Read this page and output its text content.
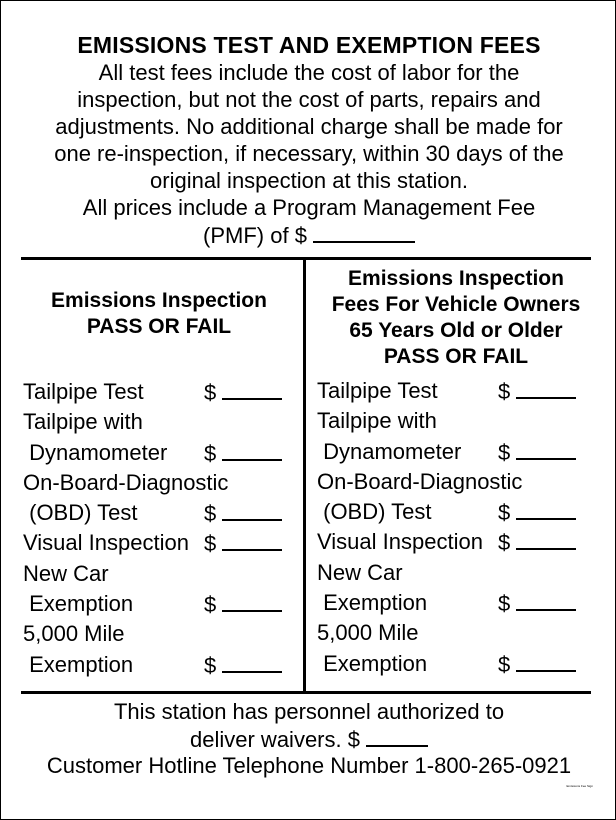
EMISSIONS TEST AND EXEMPTION FEES
All test fees include the cost of labor for the
inspection, but not the cost of parts, repairs and
adjustments. No additional charge shall be made for
one re-inspection, if necessary, within 30 days of the
original inspection at this station.
All prices include a Program Management Fee
(PMF) of $
Emissions Inspection
PASS OR FAIL
Emissions Inspection
Fees For Vehicle Owners
65 Years Old or Older
PASS OR FAIL
Tailpipe Test	$
Tailpipe with
Dynamometer $
On-Board-Diagnostic
(OBD) Test	$
Visual Inspection $
New Car
Exemption	$
5,000 Mile
Exemption	$
Tailpipe Test	$
Tailpipe with
Dynamometer $
On-Board-Diagnostic
(OBD) Test	$
Visual Inspection $
New Car
Exemption	$
5,000 Mile
Exemption	$
This station has personnel authorized to
deliver waivers. $
Customer Hotline Telephone Number 1-800-265-0921
Emissions Fee Sign
